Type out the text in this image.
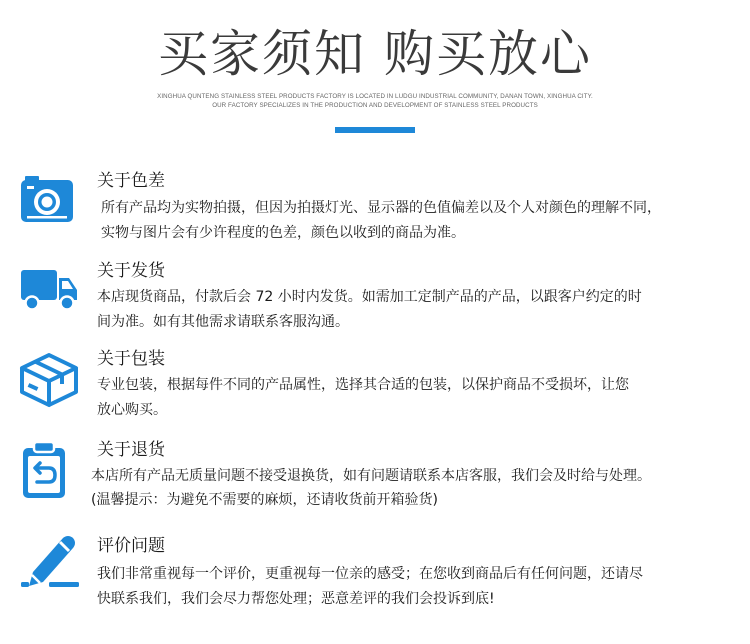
买家须知 购买放心
XINGHUA QUNTENG STAINLESS STEEL PRODUCTS FACTORY IS LOCATED IN LUDGU INDUSTRIAL COMMUNITY, DANAN TOWN, XINGHUA CITY.
OUR FACTORY SPECIALIZES IN THE PRODUCTION AND DEVELOPMENT OF STAINLESS STEEL PRODUCTS
关于色差
所有产品均为实物拍摄，但因为拍摄灯光、显示器的色值偏差以及个人对颜色的理解不同，
实物与图片会有少许程度的色差，颜色以收到的商品为准。
关于发货
本店现货商品，付款后会 72 小时内发货。如需加工定制产品的产品，以跟客户约定的时
间为准。如有其他需求请联系客服沟通。
关于包装
专业包装，根据每件不同的产品属性，选择其合适的包装，以保护商品不受损坏，让您
放心购买。
关于退货
本店所有产品无质量问题不接受退换货，如有问题请联系本店客服，我们会及时给与处理。
(温馨提示：为避免不需要的麻烦，还请收货前开箱验货)
评价问题
我们非常重视每一个评价，更重视每一位亲的感受；在您收到商品后有任何问题，还请尽
快联系我们，我们会尽力帮您处理；恶意差评的我们会投诉到底!
